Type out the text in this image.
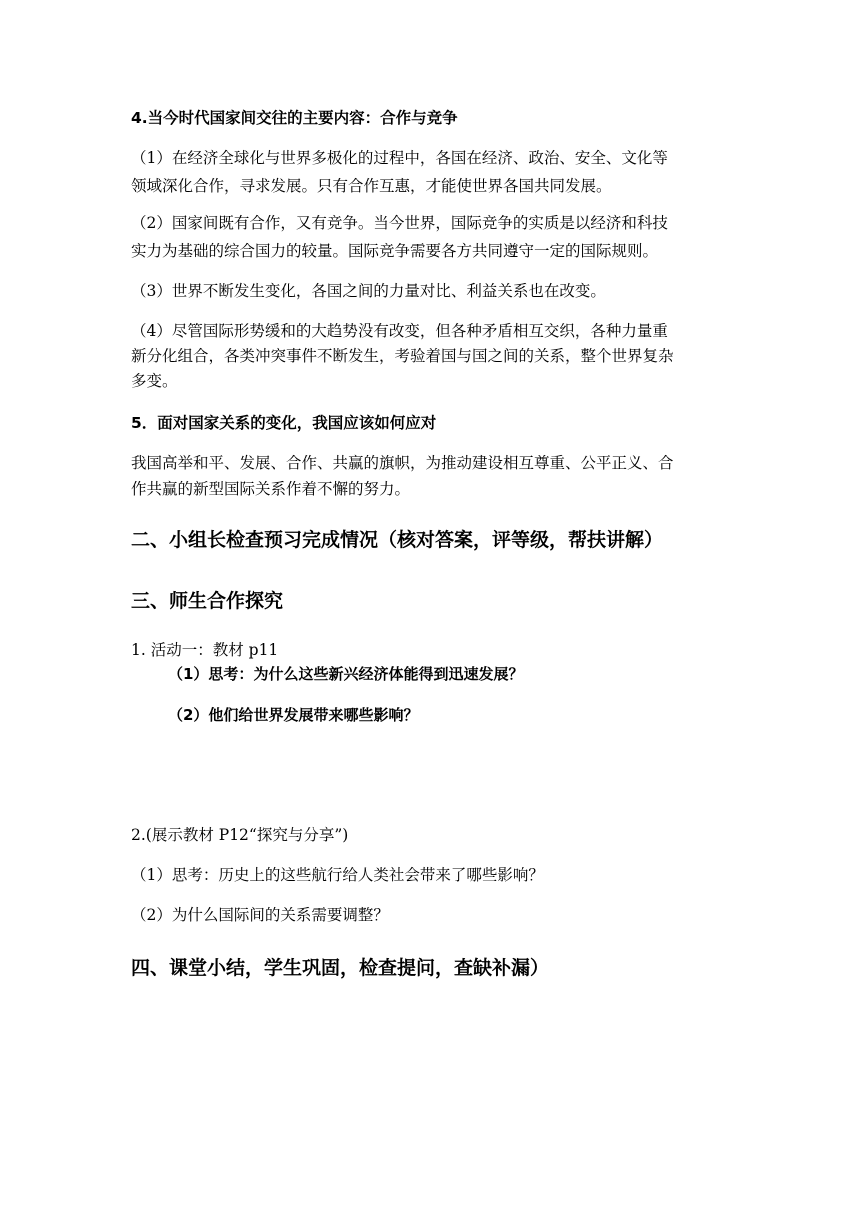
4.当今时代国家间交往的主要内容：合作与竞争
（1）在经济全球化与世界多极化的过程中，各国在经济、政治、安全、文化等
领域深化合作，寻求发展。只有合作互惠，才能使世界各国共同发展。
（2）国家间既有合作，又有竞争。当今世界，国际竞争的实质是以经济和科技
实力为基础的综合国力的较量。国际竞争需要各方共同遵守一定的国际规则。
（3）世界不断发生变化，各国之间的力量对比、利益关系也在改变。
（4）尽管国际形势缓和的大趋势没有改变，但各种矛盾相互交织，各种力量重
新分化组合，各类冲突事件不断发生，考验着国与国之间的关系，整个世界复杂
多变。
5．面对国家关系的变化，我国应该如何应对
我国高举和平、发展、合作、共赢的旗帜，为推动建设相互尊重、公平正义、合
作共赢的新型国际关系作着不懈的努力。
二、小组长检查预习完成情况（核对答案，评等级，帮扶讲解）
三、师生合作探究
1. 活动一：教材 p11
（1）思考：为什么这些新兴经济体能得到迅速发展？
（2）他们给世界发展带来哪些影响？
2.(展示教材 P12“探究与分享”)
（1）思考：历史上的这些航行给人类社会带来了哪些影响？
（2）为什么国际间的关系需要调整？
四、课堂小结，学生巩固，检查提问，查缺补漏）
